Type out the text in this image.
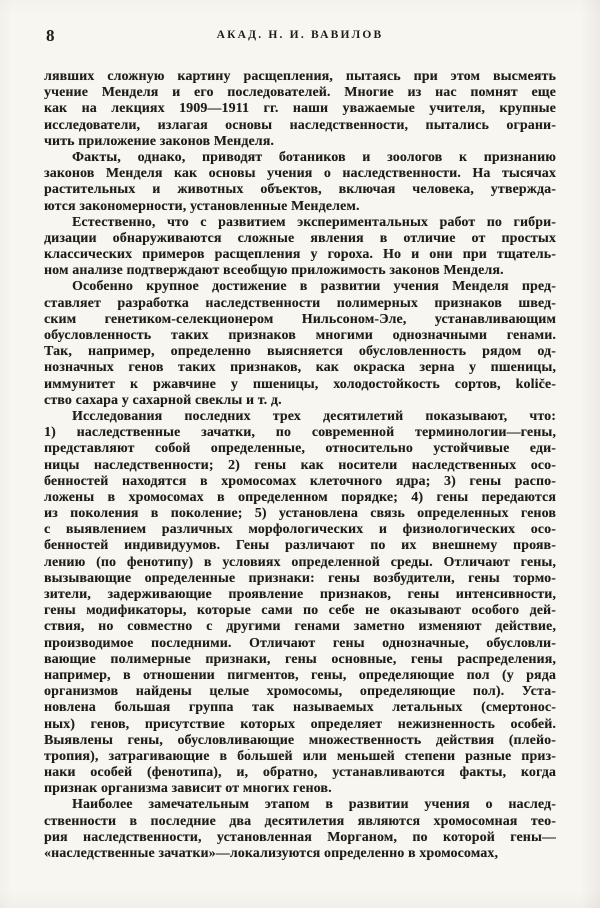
8	АКАД. Н. И. ВАВИЛОВ
лявших сложную картину расщепления, пытаясь при этом высмеять
учение Менделя и его последователей. Многие из нас помнят еще
как на лекциях 1909—1911 гг. наши уважаемые учителя, крупные
исследователи, излагая основы наследственности, пытались ограни-
чить приложение законов Менделя.
Факты, однако, приводят ботаников и зоологов к признанию
законов Менделя как основы учения о наследственности. На тысячах
растительных и животных объектов, включая человека, утвержда-
ются закономерности, установленные Менделем.
Естественно, что с развитием экспериментальных работ по гибри-
дизации обнаруживаются сложные явления в отличие от простых
классических примеров расщепления у гороха. Но и они при тщатель-
ном анализе подтверждают всеобщую приложимость законов Менделя.
Особенно крупное достижение в развитии учения Менделя пред-
ставляет разработка наследственности полимерных признаков швед-
ским генетиком-селекционером Нильсоном-Эле, устанавливающим
обусловленность таких признаков многими однозначными генами.
Так, например, определенно выясняется обусловленность рядом од-
нозначных генов таких признаков, как окраска зерна у пшеницы,
иммунитет к ржавчине у пшеницы, холодостойкость сортов, količе-
ство сахара у сахарной свеклы и т. д.
Исследования последних трех десятилетий показывают, что:
1) наследственные зачатки, по современной терминологии—гены,
представляют собой определенные, относительно устойчивые еди-
ницы наследственности; 2) гены как носители наследственных осо-
бенностей находятся в хромосомах клеточного ядра; 3) гены распо-
ложены в хромосомах в определенном порядке; 4) гены передаются
из поколения в поколение; 5) установлена связь определенных генов
с выявлением различных морфологических и физиологических осо-
бенностей индивидуумов. Гены различают по их внешнему прояв-
лению (по фенотипу) в условиях определенной среды. Отличают гены,
вызывающие определенные признаки: гены возбудители, гены тормо-
зители, задерживающие проявление признаков, гены интенсивности,
гены модификаторы, которые сами по себе не оказывают особого дей-
ствия, но совместно с другими генами заметно изменяют действие,
производимое последними. Отличают гены однозначные, обусловли-
вающие полимерные признаки, гены основные, гены распределения,
например, в отношении пигментов, гены, определяющие пол (у ряда
организмов найдены целые хромосомы, определяющие пол). Уста-
новлена большая группа так называемых летальных (смертонос-
ных) генов, присутствие которых определяет нежизненность особей.
Выявлены гены, обусловливающие множественность действия (плейо-
тропия), затрагивающие в бо́льшей или меньшей степени разные приз-
наки особей (фенотипа), и, обратно, устанавливаются факты, когда
признак организма зависит от многих генов.
Наиболее замечательным этапом в развитии учения о наслед-
ственности в последние два десятилетия являются хромосомная тео-
рия наследственности, установленная Морганом, по которой гены—
«наследственные зачатки»—локализуются определенно в хромосомах,
